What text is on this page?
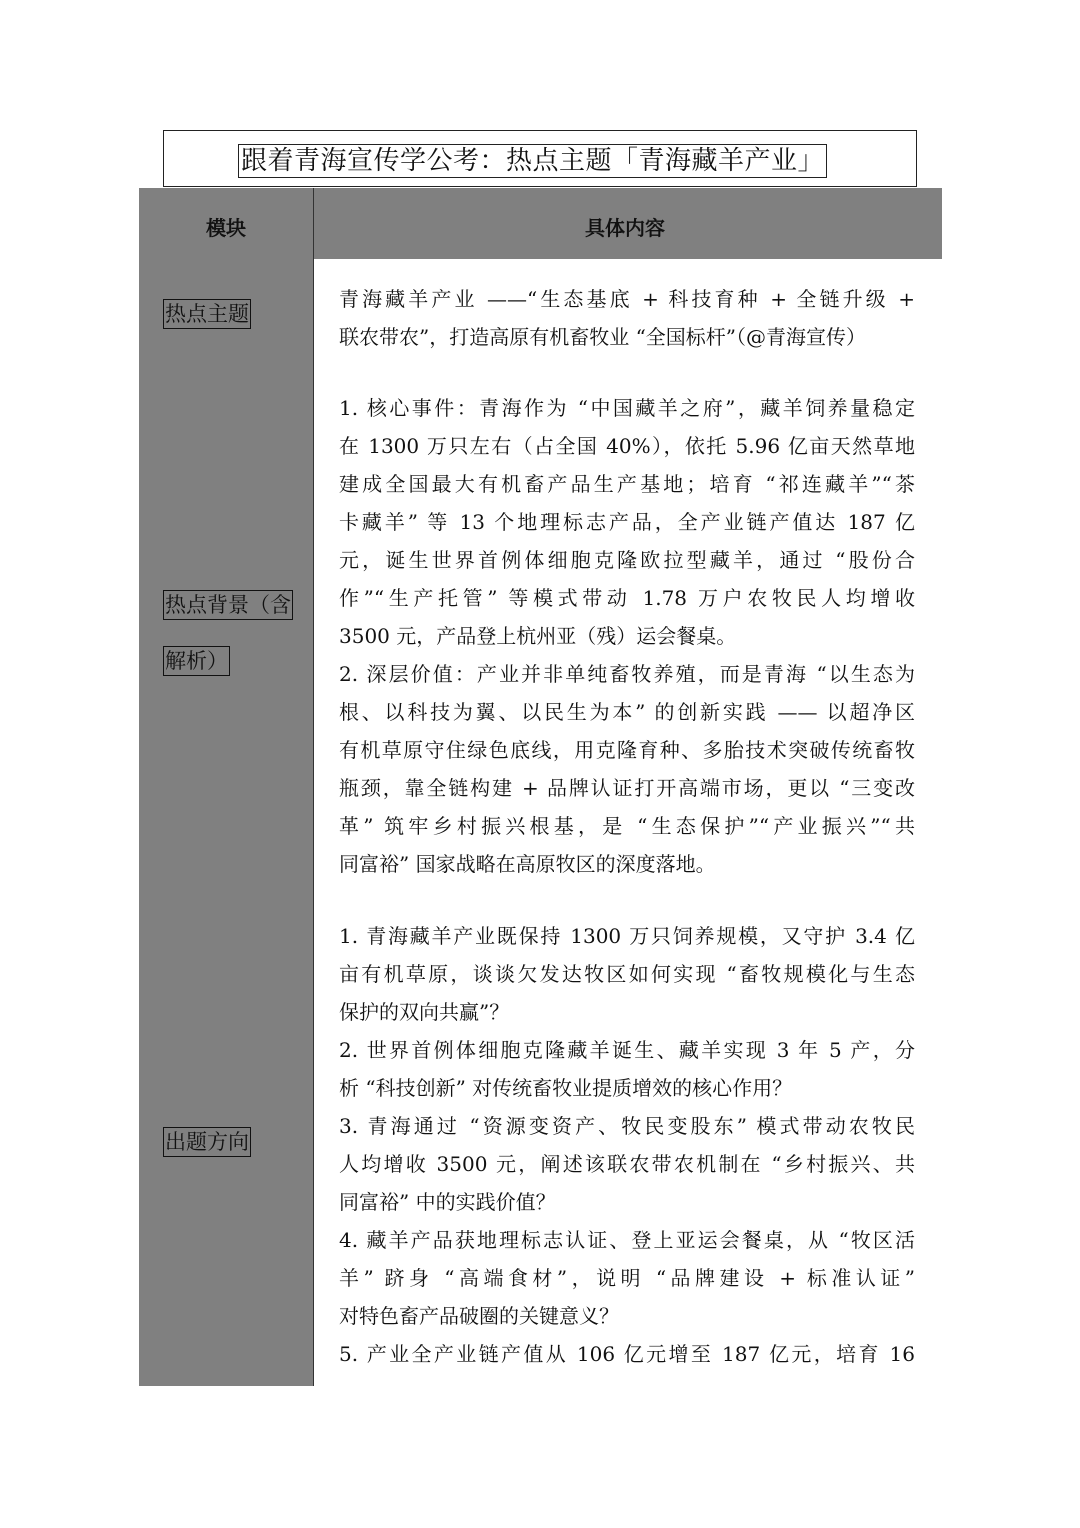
跟着青海宣传学公考：热点主题「青海藏羊产业」
模块	具体内容
热点主题
青海藏羊产业 ——“生态基底 + 科技育种 + 全链升级 +
联农带农”，打造高原有机畜牧业 “全国标杆”（@青海宣传）
热点背景（含
解析）
1. 核心事件：青海作为 “中国藏羊之府”，藏羊饲养量稳定
在 1300 万只左右（占全国 40%），依托 5.96 亿亩天然草地
建成全国最大有机畜产品生产基地；培育 “祁连藏羊”“茶
卡藏羊” 等 13 个地理标志产品，全产业链产值达 187 亿
元，诞生世界首例体细胞克隆欧拉型藏羊，通过 “股份合
作”“生产托管” 等模式带动 1.78 万户农牧民人均增收
3500 元，产品登上杭州亚（残）运会餐桌。
2. 深层价值：产业并非单纯畜牧养殖，而是青海 “以生态为
根、以科技为翼、以民生为本” 的创新实践 —— 以超净区
有机草原守住绿色底线，用克隆育种、多胎技术突破传统畜牧
瓶颈，靠全链构建 + 品牌认证打开高端市场，更以 “三变改
革” 筑牢乡村振兴根基，是 “生态保护”“产业振兴”“共
同富裕” 国家战略在高原牧区的深度落地。
出题方向
1. 青海藏羊产业既保持 1300 万只饲养规模，又守护 3.4 亿
亩有机草原，谈谈欠发达牧区如何实现 “畜牧规模化与生态
保护的双向共赢”？
2. 世界首例体细胞克隆藏羊诞生、藏羊实现 3 年 5 产，分
析 “科技创新” 对传统畜牧业提质增效的核心作用？
3. 青海通过 “资源变资产、牧民变股东” 模式带动农牧民
人均增收 3500 元，阐述该联农带农机制在 “乡村振兴、共
同富裕” 中的实践价值？
4. 藏羊产品获地理标志认证、登上亚运会餐桌，从 “牧区活
羊” 跻身 “高端食材”，说明 “品牌建设 + 标准认证”
对特色畜产品破圈的关键意义？
5. 产业全产业链产值从 106 亿元增至 187 亿元，培育 16
